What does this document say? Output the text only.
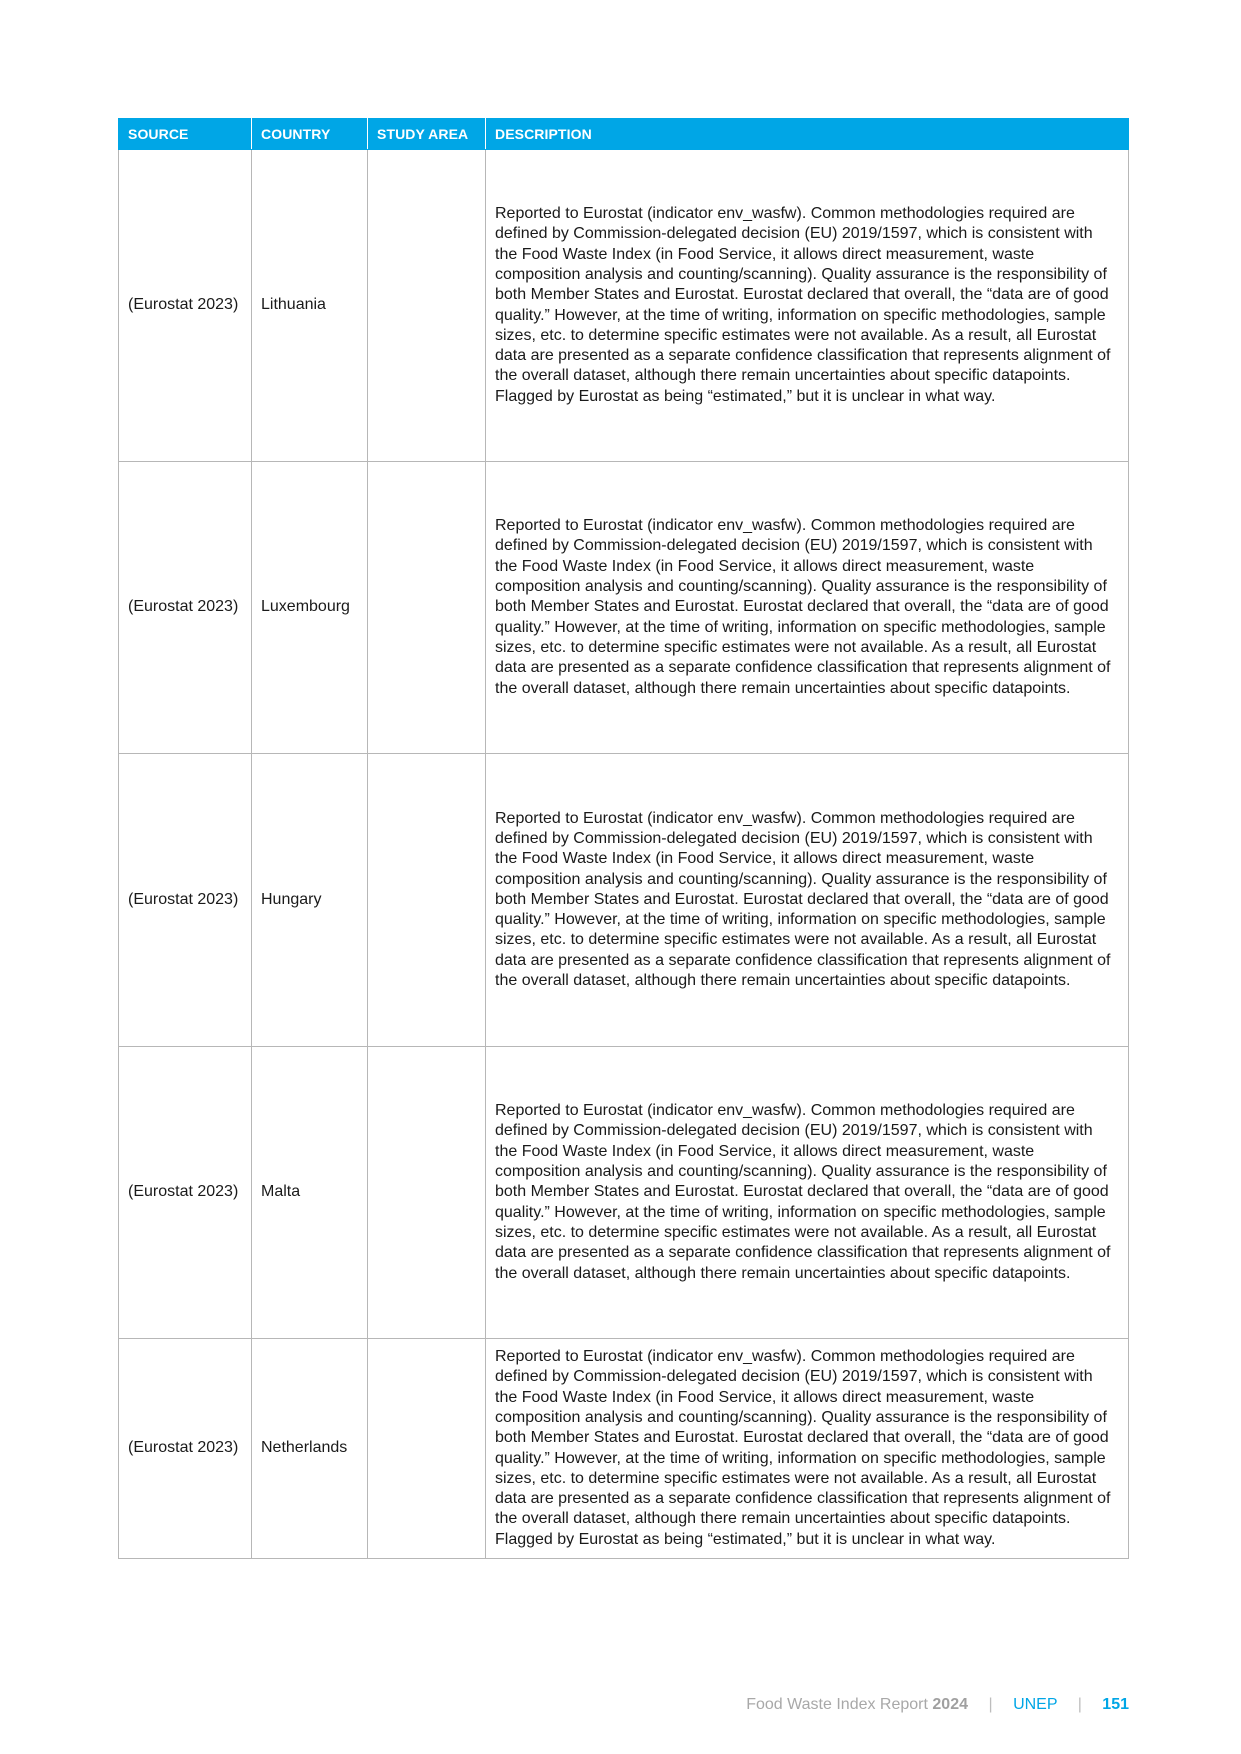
SOURCE	COUNTRY	STUDY AREA	DESCRIPTION
(Eurostat 2023)	Lithuania		Reported to Eurostat (indicator env_wasfw). Common methodologies required are defined by Commission-delegated decision (EU) 2019/1597, which is consistent with the Food Waste Index (in Food Service, it allows direct measurement, waste composition analysis and counting/scanning). Quality assurance is the responsibility of both Member States and Eurostat. Eurostat declared that overall, the “data are of good quality.” However, at the time of writing, information on specific methodologies, sample sizes, etc. to determine specific estimates were not available. As a result, all Eurostat data are presented as a separate confidence classification that represents alignment of the overall dataset, although there remain uncertainties about specific datapoints. Flagged by Eurostat as being “estimated,” but it is unclear in what way.
(Eurostat 2023)	Luxembourg		Reported to Eurostat (indicator env_wasfw). Common methodologies required are defined by Commission-delegated decision (EU) 2019/1597, which is consistent with the Food Waste Index (in Food Service, it allows direct measurement, waste composition analysis and counting/scanning). Quality assurance is the responsibility of both Member States and Eurostat. Eurostat declared that overall, the “data are of good quality.” However, at the time of writing, information on specific methodologies, sample sizes, etc. to determine specific estimates were not available. As a result, all Eurostat data are presented as a separate confidence classification that represents alignment of the overall dataset, although there remain uncertainties about specific datapoints.
(Eurostat 2023)	Hungary		Reported to Eurostat (indicator env_wasfw). Common methodologies required are defined by Commission-delegated decision (EU) 2019/1597, which is consistent with the Food Waste Index (in Food Service, it allows direct measurement, waste composition analysis and counting/scanning). Quality assurance is the responsibility of both Member States and Eurostat. Eurostat declared that overall, the “data are of good quality.” However, at the time of writing, information on specific methodologies, sample sizes, etc. to determine specific estimates were not available. As a result, all Eurostat data are presented as a separate confidence classification that represents alignment of the overall dataset, although there remain uncertainties about specific datapoints.
(Eurostat 2023)	Malta		Reported to Eurostat (indicator env_wasfw). Common methodologies required are defined by Commission-delegated decision (EU) 2019/1597, which is consistent with the Food Waste Index (in Food Service, it allows direct measurement, waste composition analysis and counting/scanning). Quality assurance is the responsibility of both Member States and Eurostat. Eurostat declared that overall, the “data are of good quality.” However, at the time of writing, information on specific methodologies, sample sizes, etc. to determine specific estimates were not available. As a result, all Eurostat data are presented as a separate confidence classification that represents alignment of the overall dataset, although there remain uncertainties about specific datapoints.
(Eurostat 2023)	Netherlands		Reported to Eurostat (indicator env_wasfw). Common methodologies required are defined by Commission-delegated decision (EU) 2019/1597, which is consistent with the Food Waste Index (in Food Service, it allows direct measurement, waste composition analysis and counting/scanning). Quality assurance is the responsibility of both Member States and Eurostat. Eurostat declared that overall, the “data are of good quality.” However, at the time of writing, information on specific methodologies, sample sizes, etc. to determine specific estimates were not available. As a result, all Eurostat data are presented as a separate confidence classification that represents alignment of the overall dataset, although there remain uncertainties about specific datapoints. Flagged by Eurostat as being “estimated,” but it is unclear in what way.
Food Waste Index Report 2024 | UNEP | 151
